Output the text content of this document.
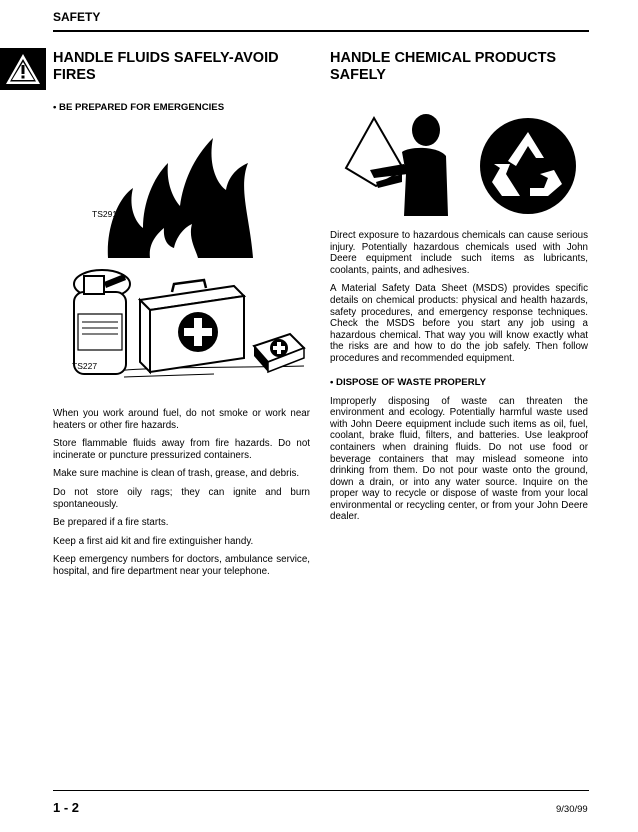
SAFETY
HANDLE FLUIDS SAFELY-AVOID FIRES
• BE PREPARED FOR EMERGENCIES
TS291
TS227

When you work around fuel, do not smoke or work near heaters or other fire hazards.

Store flammable fluids away from fire hazards. Do not incinerate or puncture pressurized containers.

Make sure machine is clean of trash, grease, and debris.

Do not store oily rags; they can ignite and burn spontaneously.

Be prepared if a fire starts.

Keep a first aid kit and fire extinguisher handy.

Keep emergency numbers for doctors, ambulance service, hospital, and fire department near your telephone.

HANDLE CHEMICAL PRODUCTS SAFELY

Direct exposure to hazardous chemicals can cause serious injury. Potentially hazardous chemicals used with John Deere equipment include such items as lubricants, coolants, paints, and adhesives.

A Material Safety Data Sheet (MSDS) provides specific details on chemical products: physical and health hazards, safety procedures, and emergency response techniques. Check the MSDS before you start any job using a hazardous chemical. That way you will know exactly what the risks are and how to do the job safely. Then follow procedures and recommended equipment.

• DISPOSE OF WASTE PROPERLY

Improperly disposing of waste can threaten the environment and ecology. Potentially harmful waste used with John Deere equipment include such items as oil, fuel, coolant, brake fluid, filters, and batteries. Use leakproof containers when draining fluids. Do not use food or beverage containers that may mislead someone into drinking from them. Do not pour waste onto the ground, down a drain, or into any water source. Inquire on the proper way to recycle or dispose of waste from your local environmental or recycling center, or from your John Deere dealer.

1 - 2	9/30/99
